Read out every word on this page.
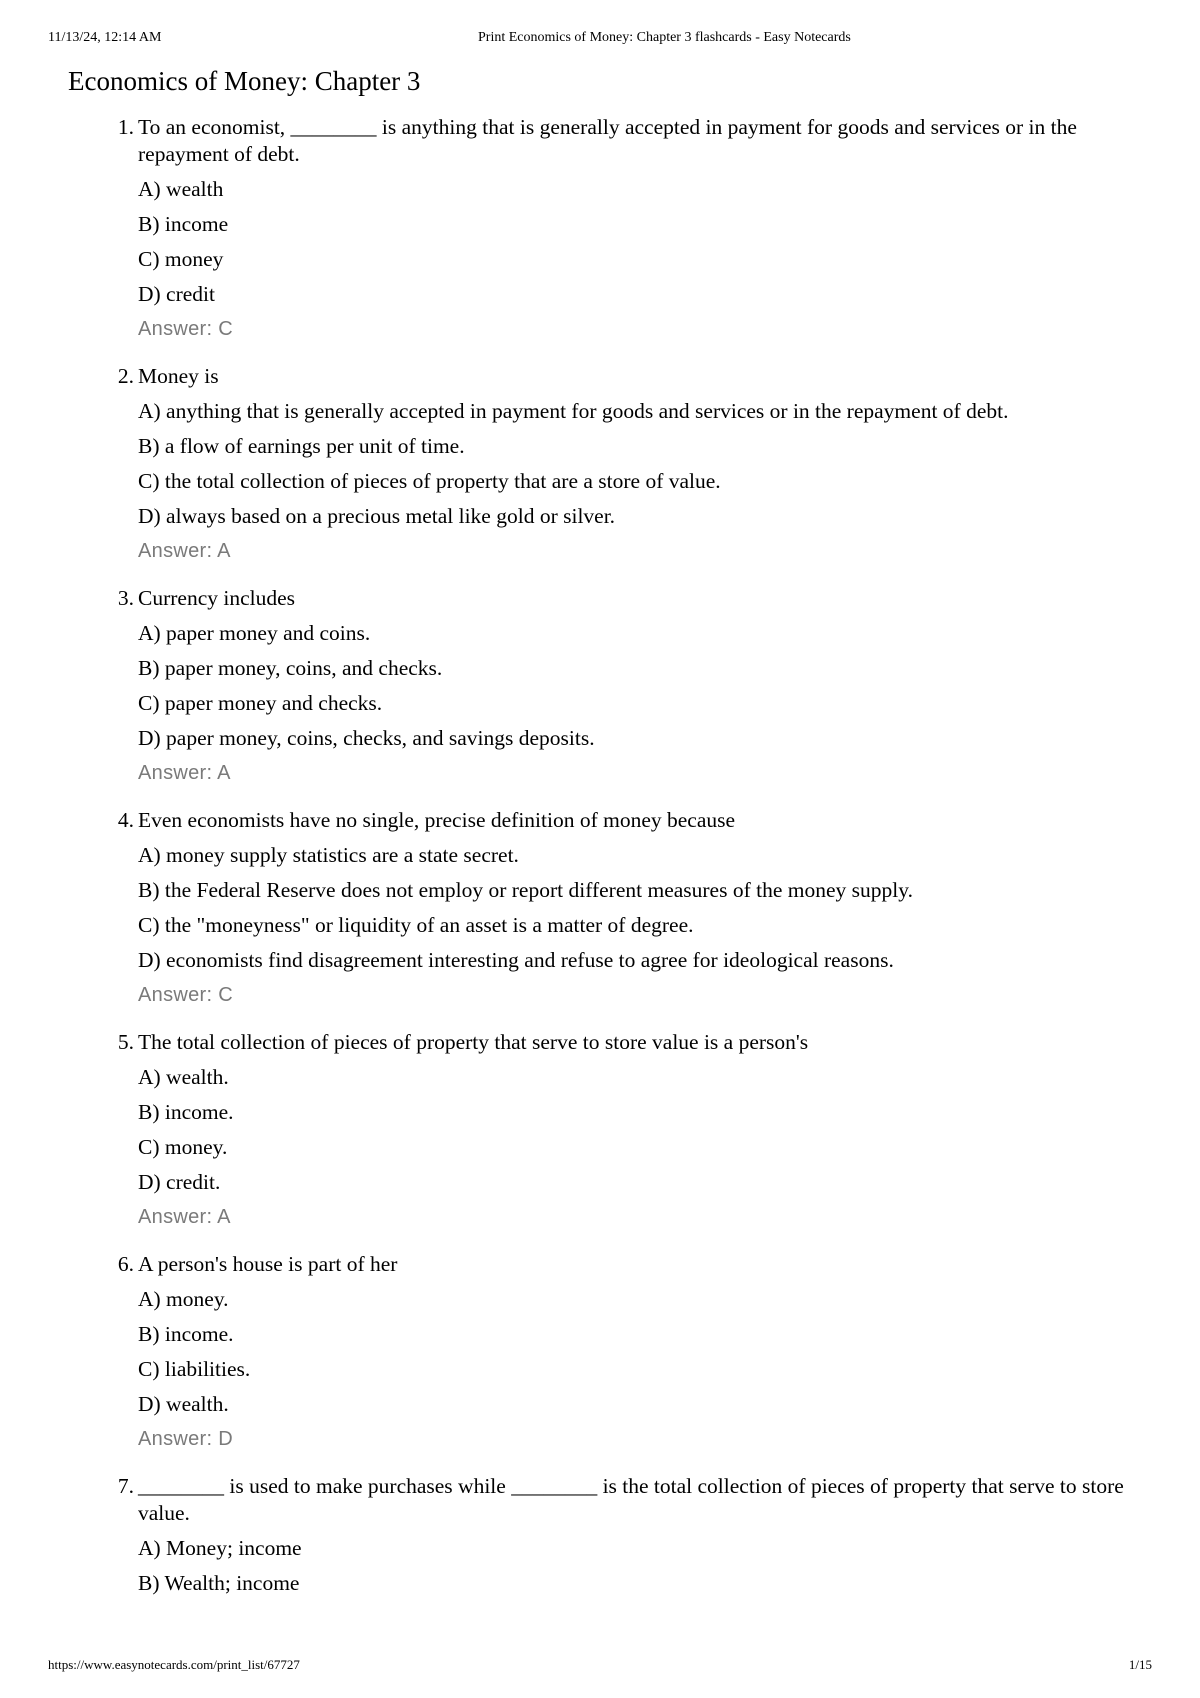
11/13/24, 12:14 AM	Print Economics of Money: Chapter 3 flashcards - Easy Notecards
Economics of Money: Chapter 3
1. To an economist, ________ is anything that is generally accepted in payment for goods and services or in the repayment of debt.
A) wealth
B) income
C) money
D) credit
Answer: C
2. Money is
A) anything that is generally accepted in payment for goods and services or in the repayment of debt.
B) a flow of earnings per unit of time.
C) the total collection of pieces of property that are a store of value.
D) always based on a precious metal like gold or silver.
Answer: A
3. Currency includes
A) paper money and coins.
B) paper money, coins, and checks.
C) paper money and checks.
D) paper money, coins, checks, and savings deposits.
Answer: A
4. Even economists have no single, precise definition of money because
A) money supply statistics are a state secret.
B) the Federal Reserve does not employ or report different measures of the money supply.
C) the "moneyness" or liquidity of an asset is a matter of degree.
D) economists find disagreement interesting and refuse to agree for ideological reasons.
Answer: C
5. The total collection of pieces of property that serve to store value is a person's
A) wealth.
B) income.
C) money.
D) credit.
Answer: A
6. A person's house is part of her
A) money.
B) income.
C) liabilities.
D) wealth.
Answer: D
7. ________ is used to make purchases while ________ is the total collection of pieces of property that serve to store value.
A) Money; income
B) Wealth; income
https://www.easynotecards.com/print_list/67727	1/15
